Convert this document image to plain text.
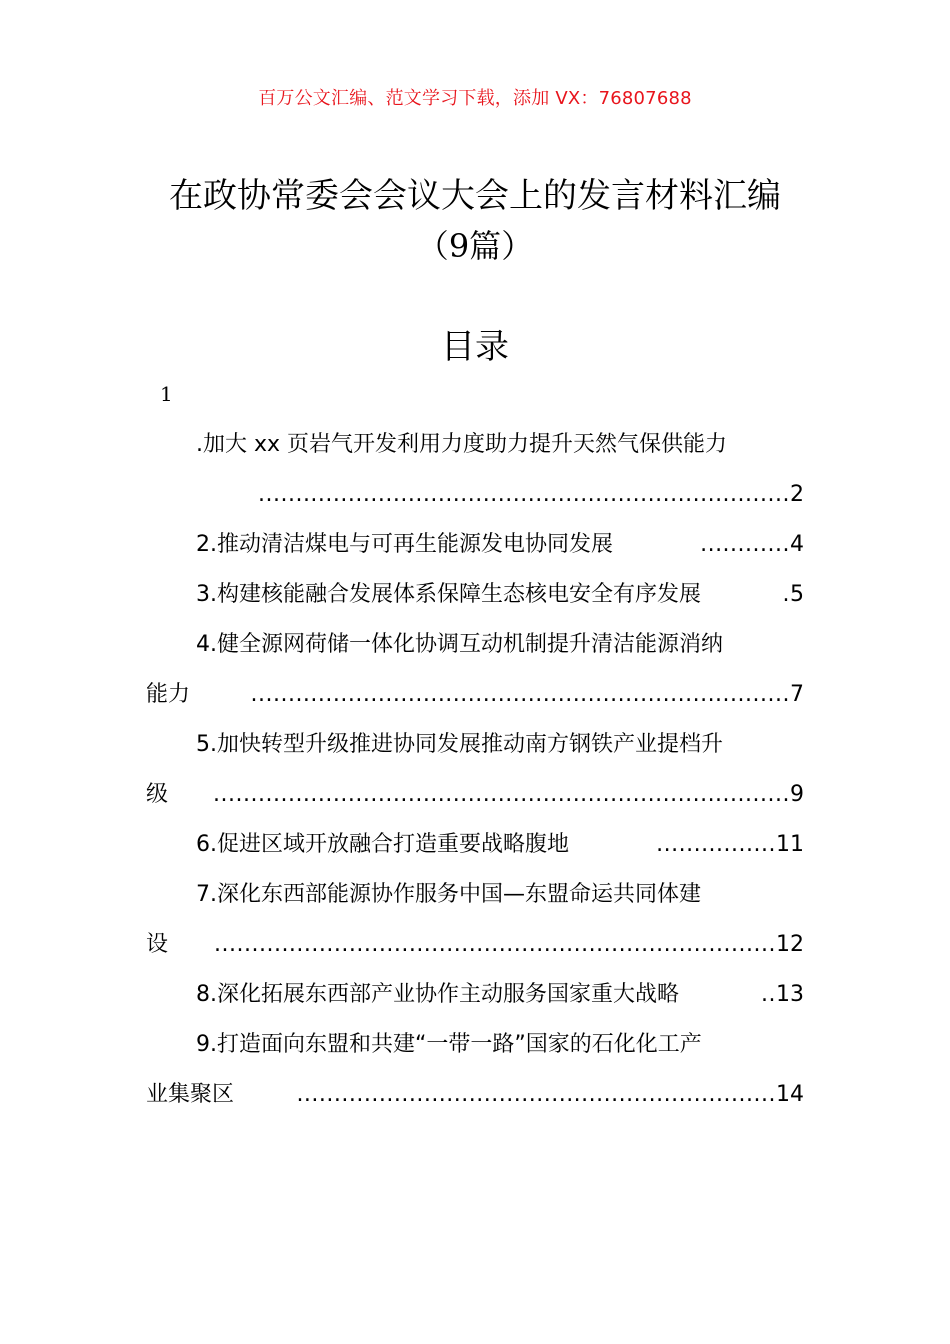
百万公文汇编、范文学习下载，添加 VX：76807688
在政协常委会会议大会上的发言材料汇编
（9篇）
目录
1
.加大 xx 页岩气开发利用力度助力提升天然气保供能力
.......................................................................2
2.推动清洁煤电与可再生能源发电协同发展	............4
3.构建核能融合发展体系保障生态核电安全有序发展	.5
4.健全源网荷储一体化协调互动机制提升清洁能源消纳
能力	........................................................................7
5.加快转型升级推进协同发展推动南方钢铁产业提档升
级 .............................................................................9
6.促进区域开放融合打造重要战略腹地	................11
7.深化东西部能源协作服务中国—东盟命运共同体建
设 ...........................................................................12
8.深化拓展东西部产业协作主动服务国家重大战略	..13
9.打造面向东盟和共建“一带一路”国家的石化化工产
业集聚区	................................................................14
